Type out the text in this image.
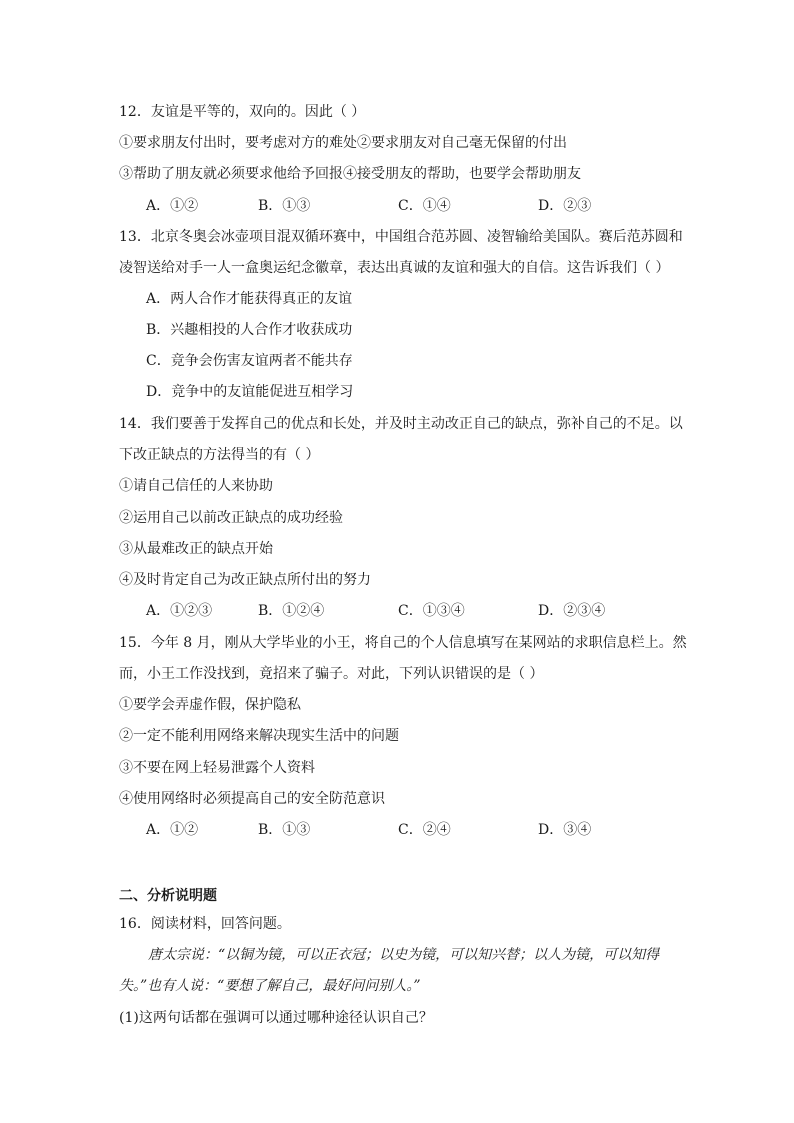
12．友谊是平等的，双向的。因此（ ）
①要求朋友付出时，要考虑对方的难处②要求朋友对自己毫无保留的付出
③帮助了朋友就必须要求他给予回报④接受朋友的帮助，也要学会帮助朋友
A．①②	B．①③	C．①④	D．②③
13．北京冬奥会冰壶项目混双循环赛中，中国组合范苏圆、凌智输给美国队。赛后范苏圆和
凌智送给对手一人一盒奥运纪念徽章，表达出真诚的友谊和强大的自信。这告诉我们（ ）
A．两人合作才能获得真正的友谊
B．兴趣相投的人合作才收获成功
C．竞争会伤害友谊两者不能共存
D．竞争中的友谊能促进互相学习
14．我们要善于发挥自己的优点和长处，并及时主动改正自己的缺点，弥补自己的不足。以
下改正缺点的方法得当的有（ ）
①请自己信任的人来协助
②运用自己以前改正缺点的成功经验
③从最难改正的缺点开始
④及时肯定自己为改正缺点所付出的努力
A．①②③	B．①②④	C．①③④	D．②③④
15．今年 8 月，刚从大学毕业的小王，将自己的个人信息填写在某网站的求职信息栏上。然
而，小王工作没找到，竟招来了骗子。对此，下列认识错误的是（ ）
①要学会弄虚作假，保护隐私
②一定不能利用网络来解决现实生活中的问题
③不要在网上轻易泄露个人资料
④使用网络时必须提高自己的安全防范意识
A．①②	B．①③	C．②④	D．③④
二、分析说明题
16．阅读材料，回答问题。
唐太宗说：“以铜为镜，可以正衣冠；以史为镜，可以知兴替；以人为镜，可以知得
失。”也有人说：“要想了解自己，最好问问别人。”
(1)这两句话都在强调可以通过哪种途径认识自己？
